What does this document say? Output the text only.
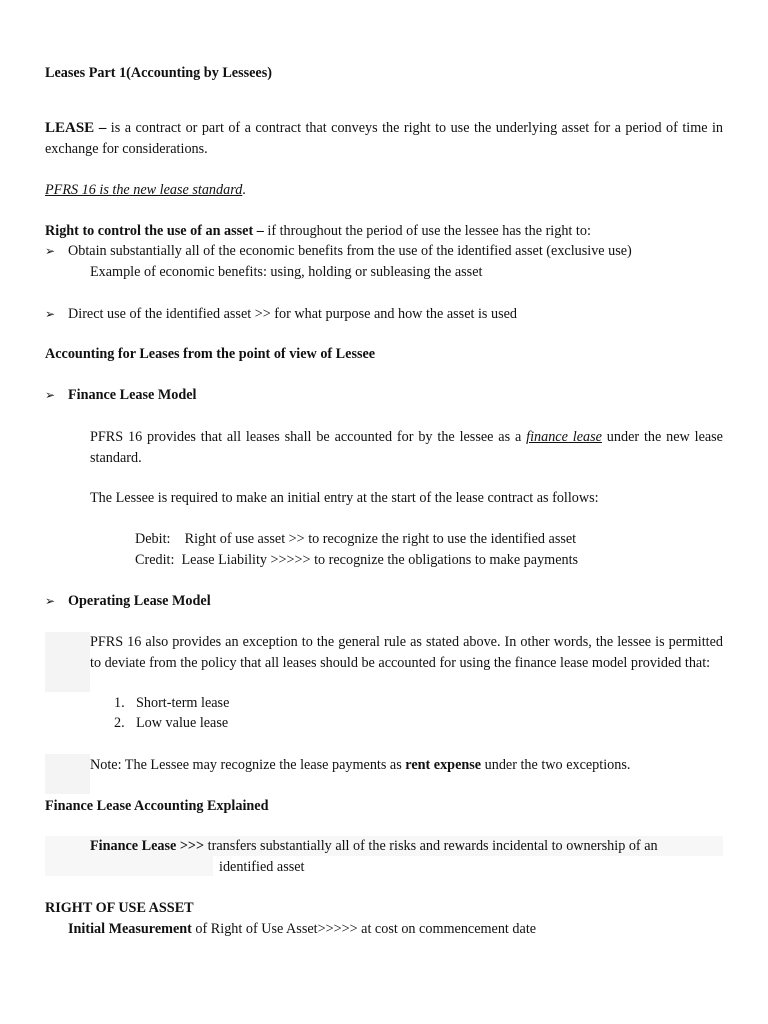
Leases Part 1(Accounting by Lessees)
LEASE – is a contract or part of a contract that conveys the right to use the underlying asset for a period of time in exchange for considerations.
PFRS 16 is the new lease standard.
Right to control the use of an asset – if throughout the period of use the lessee has the right to:
➢ Obtain substantially all of the economic benefits from the use of the identified asset (exclusive use)
Example of economic benefits: using, holding or subleasing the asset
➢ Direct use of the identified asset >> for what purpose and how the asset is used
Accounting for Leases from the point of view of Lessee
➢ Finance Lease Model
PFRS 16 provides that all leases shall be accounted for by the lessee as a finance lease under the new lease standard.
The Lessee is required to make an initial entry at the start of the lease contract as follows:
Debit:    Right of use asset >> to recognize the right to use the identified asset
Credit:  Lease Liability >>>>> to recognize the obligations to make payments
➢ Operating Lease Model
PFRS 16 also provides an exception to the general rule as stated above. In other words, the lessee is permitted to deviate from the policy that all leases should be accounted for using the finance lease model provided that:
1. Short-term lease
2. Low value lease
Note: The Lessee may recognize the lease payments as rent expense under the two exceptions.
Finance Lease Accounting Explained
Finance Lease >>> transfers substantially all of the risks and rewards incidental to ownership of an
identified asset
RIGHT OF USE ASSET
Initial Measurement of Right of Use Asset>>>>> at cost on commencement date
